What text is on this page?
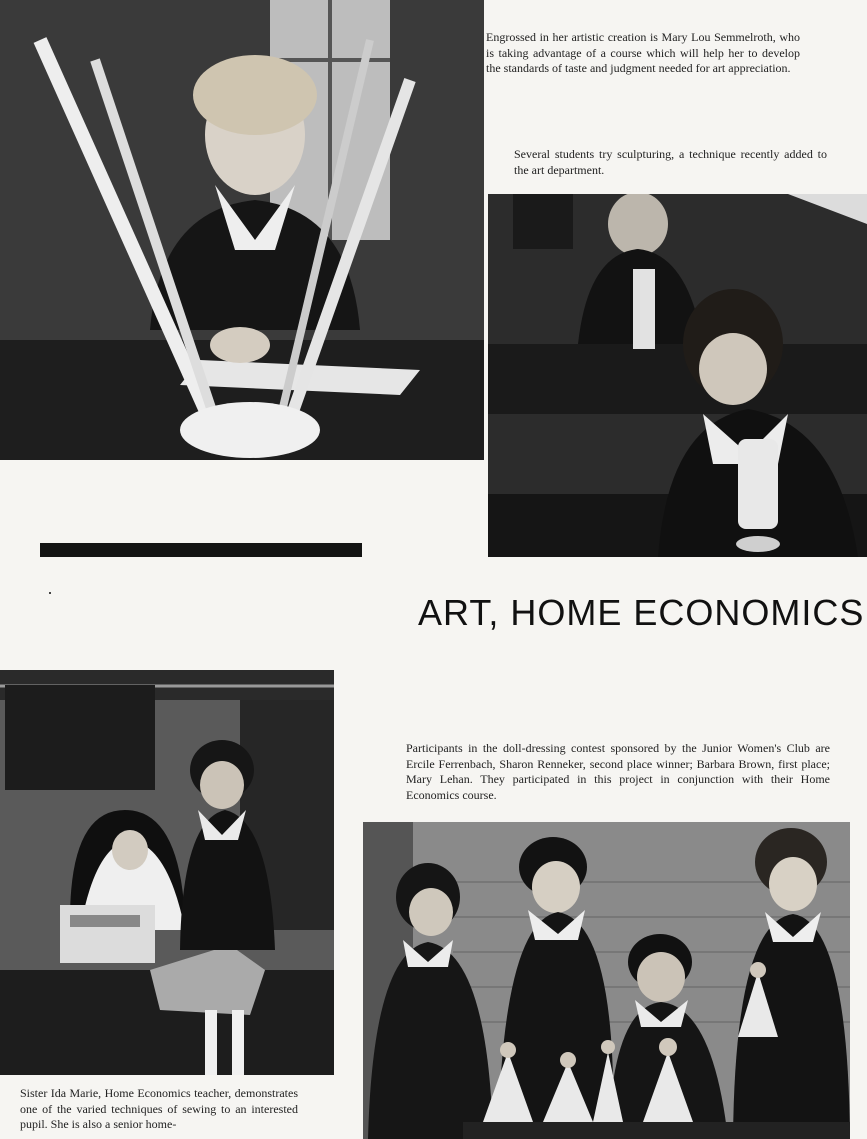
Engrossed in her artistic creation is Mary Lou Semmelroth, who is taking advantage of a course which will help her to develop the standards of taste and judgment needed for art appreciation.

Several students try sculpturing, a technique recently added to the art department.

ART, HOME ECONOMICS

Sister Ida Marie, Home Economics teacher, demonstrates one of the varied techniques of sewing to an interested pupil. She is also a senior home-

Participants in the doll-dressing contest sponsored by the Junior Women's Club are Ercile Ferrenbach, Sharon Renneker, second place winner; Barbara Brown, first place; Mary Lehan. They participated in this project in conjunction with their Home Economics course.
